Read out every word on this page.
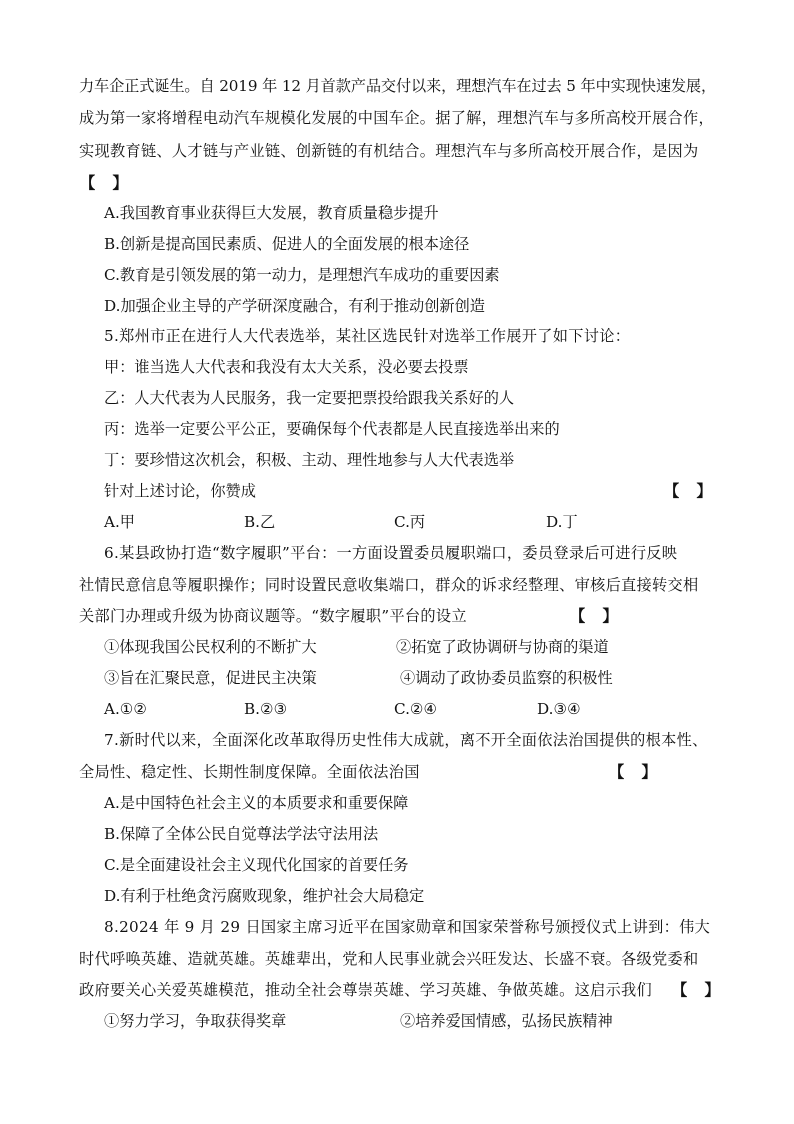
力车企正式诞生。自 2019 年 12 月首款产品交付以来，理想汽车在过去 5 年中实现快速发展，
成为第一家将增程电动汽车规模化发展的中国车企。据了解，理想汽车与多所高校开展合作，
实现教育链、人才链与产业链、创新链的有机结合。理想汽车与多所高校开展合作，是因为
【 】
A.我国教育事业获得巨大发展，教育质量稳步提升
B.创新是提高国民素质、促进人的全面发展的根本途径
C.教育是引领发展的第一动力，是理想汽车成功的重要因素
D.加强企业主导的产学研深度融合，有利于推动创新创造
5.郑州市正在进行人大代表选举，某社区选民针对选举工作展开了如下讨论：
甲：谁当选人大代表和我没有太大关系，没必要去投票
乙：人大代表为人民服务，我一定要把票投给跟我关系好的人
丙：选举一定要公平公正，要确保每个代表都是人民直接选举出来的
丁：要珍惜这次机会，积极、主动、理性地参与人大代表选举
针对上述讨论，你赞成	【 】
A.甲	B.乙	C.丙	D.丁
6.某县政协打造“数字履职”平台：一方面设置委员履职端口，委员登录后可进行反映
社情民意信息等履职操作；同时设置民意收集端口，群众的诉求经整理、审核后直接转交相
关部门办理或升级为协商议题等。“数字履职”平台的设立	【 】
①体现我国公民权利的不断扩大	②拓宽了政协调研与协商的渠道
③旨在汇聚民意，促进民主决策	④调动了政协委员监察的积极性
A.①②	B.②③	C.②④	D.③④
7.新时代以来，全面深化改革取得历史性伟大成就，离不开全面依法治国提供的根本性、
全局性、稳定性、长期性制度保障。全面依法治国	【 】
A.是中国特色社会主义的本质要求和重要保障
B.保障了全体公民自觉尊法学法守法用法
C.是全面建设社会主义现代化国家的首要任务
D.有利于杜绝贪污腐败现象，维护社会大局稳定
8.2024 年 9 月 29 日国家主席习近平在国家勋章和国家荣誉称号颁授仪式上讲到：伟大
时代呼唤英雄、造就英雄。英雄辈出，党和人民事业就会兴旺发达、长盛不衰。各级党委和
政府要关心关爱英雄模范，推动全社会尊崇英雄、学习英雄、争做英雄。这启示我们 【 】
①努力学习，争取获得奖章	②培养爱国情感，弘扬民族精神
